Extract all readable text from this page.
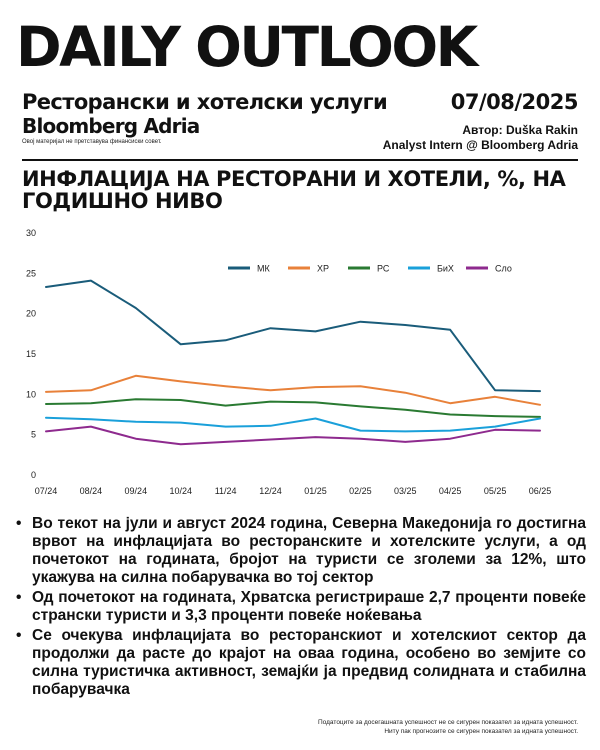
DAILY OUTLOOK
Ресторански и хотелски услуги	07/08/2025
Bloomberg Adria
Овој материјал не претставува финансиски совет.
Автор: Duška Rakin
Analyst Intern @ Bloomberg Adria
ИНФЛАЦИЈА НА РЕСТОРАНИ И ХОТЕЛИ, %, НА ГОДИШНО НИВО
0
5
10
15
20
25
30
07/24 08/24 09/24 10/24	11/24	12/24 01/25 02/25 03/25 04/25 05/25 06/25
МК	ХР	РС	БиХ	Сло
• Во текот на јули и август 2024 година, Северна Македонија го достигна врвот на инфлацијата во ресторанските и хотелските услуги, а од почетокот на годината, бројот на туристи се зголеми за 12%, што укажува на силна побарувачка во тој сектор
• Од почетокот на годината, Хрватска регистрираше 2,7 проценти повеќе странски туристи и 3,3 проценти повеќе ноќевања
• Се очекува инфлацијата во ресторанскиот и хотелскиот сектор да продолжи да расте до крајот на оваа година, особено во земјите со силна туристичка активност, земајќи ја предвид солидната и стабилна побарувачка
Податоците за досегашната успешност не се сигурен показател за идната успешност.
Ниту пак прогнозите се сигурен показател за идната успешност.
